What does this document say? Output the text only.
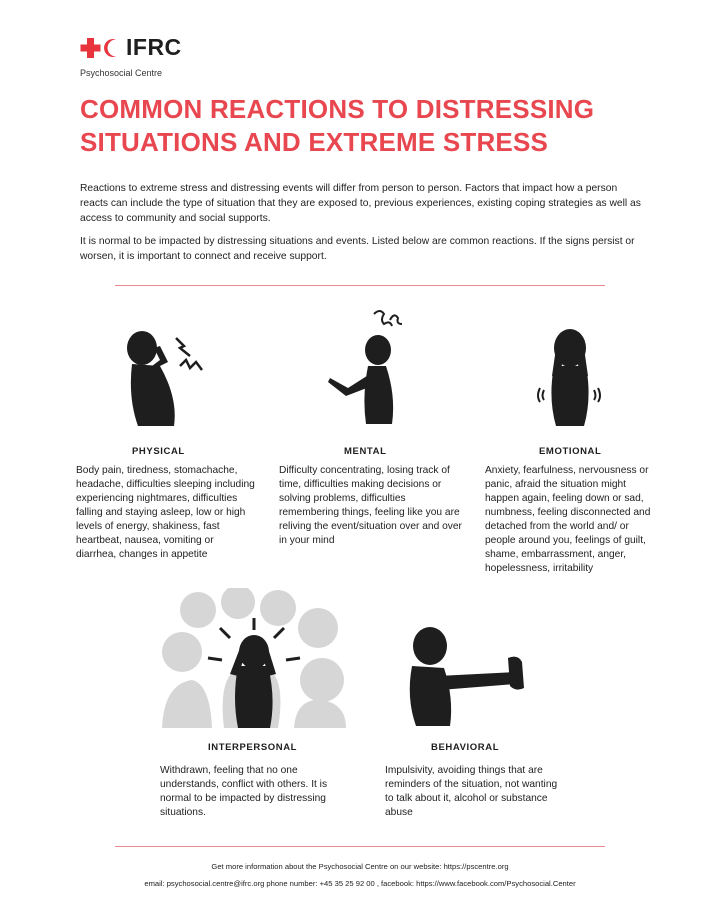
IFRC
Psychosocial Centre
COMMON REACTIONS TO DISTRESSING SITUATIONS AND EXTREME STRESS

Reactions to extreme stress and distressing events will differ from person to person. Factors that impact how a person reacts can include the type of situation that they are exposed to, previous experiences, existing coping strategies as well as access to community and social supports.

It is normal to be impacted by distressing situations and events. Listed below are common reactions. If the signs persist or worsen, it is important to connect and receive support.

PHYSICAL

Body pain, tiredness, stomachache, headache, difficulties sleeping including experiencing nightmares, difficulties falling and staying asleep, low or high levels of energy, shakiness, fast heartbeat, nausea, vomiting or diarrhea, changes in appetite

MENTAL

Difficulty concentrating, losing track of time, difficulties making decisions or solving problems, difficulties remembering things, feeling like you are reliving the event/situation over and over in your mind

EMOTIONAL

Anxiety, fearfulness, nervousness or panic, afraid the situation might happen again, feeling down or sad, numbness, feeling disconnected and detached from the world and/ or people around you, feelings of guilt, shame, embarrassment, anger, hopelessness, irritability

INTERPERSONAL

Withdrawn, feeling that no one understands, conflict with others. It is normal to be impacted by distressing situations.

BEHAVIORAL

Impulsivity, avoiding things that are reminders of the situation, not wanting to talk about it, alcohol or substance abuse

Get more information about the Psychosocial Centre on our website: https://pscentre.org
email: psychosocial.centre@ifrc.org phone number: +45 35 25 92 00 , facebook: https://www.facebook.com/Psychosocial.Center
